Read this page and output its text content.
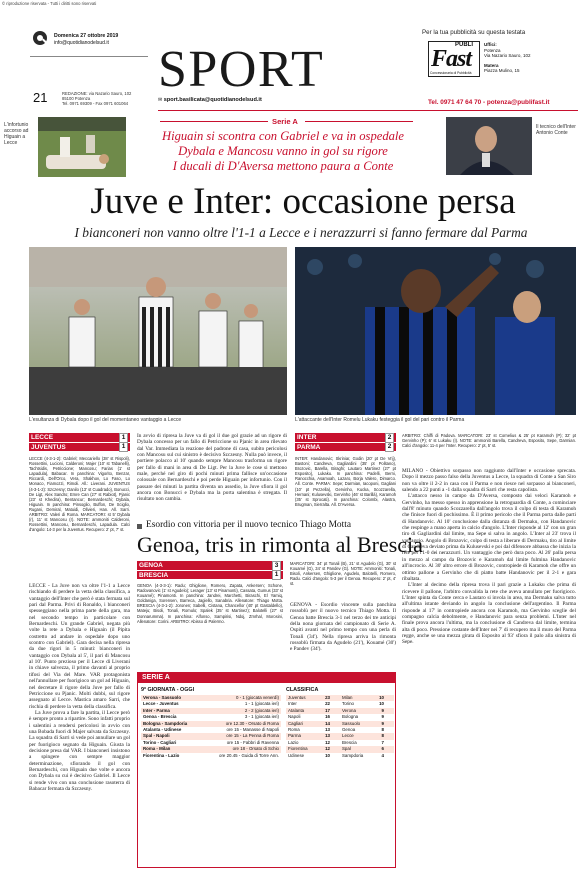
© riproduzione riservata - Tutti i diritti sono riservati
Domenica 27 ottobre 2019
info@quotidianodelsud.it
21	REDAZIONE: via Nazario Sauro, 102
85100 Potenza
Tel. 0971 69309 - Fax 0971 601064
SPORT
✉ sport.basilicata@quotidianodelsud.it
Per la tua pubblicità su questa testata
PUBLI
Fast
Concessionaria di Pubblicità
Uffici:
Potenza
Via Nazario Sauro, 102
Matera
Piazza Mulino, 15
Tel. 0971 47 64 70 - potenza@publifast.it
L'infortunio accorso ad Higuain a Lecce
Serie A
Higuain si scontra con Gabriel e va in ospedale
Dybala e Mancosu vanno in gol su rigore
I ducali di D'Aversa mettono paura a Conte
Il tecnico dell'Inter Antonio Conte
Juve e Inter: occasione persa
I bianconeri non vanno oltre l'1-1 a Lecce e i nerazzurri si fanno fermare dal Parma
L'esultanza di Dybala dopo il gol del momentaneo vantaggio a Lecce	L'attaccante dell'Inter Romelu Lukaku festeggia il gol del pari contro il Parma
LECCE	1
JUVENTUS	1
LECCE (4-3-1-2): Gabriel; Meccariello (38' st Rispoli), Rossettini, Lucioni, Calderoni; Majer (10' st Tabanelli), Tachtsidis, Petriccione; Mancosu; Farias (1' st Lapadula), Babacar. In panchina: Vigorito, Benzar, Riccardi, Dell'Orco, Vera, Shakhov, Lo Faso, Lo Monaco, Fiamozzi, Rimoli. All.: Liverani. JUVENTUS (4-3-1-2): Szczesny; Danilo (13' st Cuadrado), Bonucci, De Ligt, Alex Sandro; Emre Can (27' st Rabiot), Pjanic (23' st Khedira), Bentancur; Bernardeschi; Dybala, Higuain. In panchina: Pinsoglio, Buffon, De Sciglio, Rugani, Demiral, Matuidi, Olivieri, Han. All. Sarri. ARBITRO: Valeri di Roma. MARCATORI: st 5' Dybala (r), 11' st Mancosu (r). NOTE: ammoniti Calderoni, Rossettini, Mancosu, Bernardeschi, Lapadula. Calci d'angolo: 14-3 per la Juventus. Recupero: 2' pt, 7' st.

LECCE - La Juve non va oltre l'1-1 a Lecce rischiando di perdere la vetta della classifica, a vantaggio dell'Inter che però è stata fermata sul pari dal Parma. Privi di Ronaldo, i bianconeri spesseggiano nella prima parte della gara, ma nel secondo tempo in particolare con Bernardeschi. Un grande Gabriel, negata più volte la rete a Dybala e Higuain (il Pipita costretto ad andare in ospedale dopo uno scontro con Gabriel). Gara decisa nella ripresa da due rigori in 5 minuti: bianconeri in vantaggio con Dybala al 5', il pari di Mancosu al 10'. Punto prezioso per il Lecce di Liverani in chiave salvezza, il primo davanti al proprio tifosi del Via del Mare. VAR protagonista nell'annullare per fuorigioco un gol ad Higuain, nel decretare il rigore della Juve per fallo di Petriccione su Pjanic. Molti dubbi, sul rigore assegnato al Lecce. Mastica amaro Sarri, che rischia di perdere la vetta della classifica.

La Juve prova a fare la partita, il Lecce però è sempre pronto a ripartire. Sono infatti proprio i salentini a rendersi pericolosi in avvio con una Bobada fuori di Majer salvata da Szczesny. La squadra di Sarri si vede poi annullare un gol per fuorigioco segnato da Higuain. Giusta la decisione presa dal VAR. I bianconeri insistono a spingere con sempre maggior determinazione, sfiorando il gol con Bernardeschi, con Higuain due volte e ancora con Dybala su cui è decisivo Gabriel. Il Lecce si rende vivo con una conclusione rasoterra di Babacar fermata da Szczesny.

In avvio di ripresa la Juve va di gol il due gol grazie ad un rigore di Dybala concesso per un fallo di Petriccione su Pjanic in area rilevato dal Var. Immediata la reazione del padrone di casa, subito pericolosi con Mancosu sul cui sinistro è decisivo Szczesny. Nulla può invece, il portiere polacco al 10' quando sempre Mancosu trasforma un rigore per fallo di mani in area di De Ligt. Per la Juve le cose si mettono male, perché nel giro di pochi minuti prima fallisce un'occasione colossale con Bernardeschi e poi perde Higuain per infortunio. Con il passare dei minuti la partita diventa un assedio, la Juve sfiora il gol ancora con Bonucci e Dybala ma la porta salentina è stregata. Il risultato non cambia.
INTER	2
PARMA	2
INTER: Handanovic; Skriniar, Godin (20' pt De Vrij), Bastoni; Candreva, Gagliardini (35' pt Politano), Brozovic, Barella, Biraghi; Lautaro Martinez (27' pt Esposito), Lukaku. In panchina: Padelli, Berni, Ranocchia, Asamoah, Lazaro, Borja Valero, Dimarco. All. Conte. PARMA: Sepe; Darmian, Iacoponi, Gagliani (10' pt Pezzella), Gervinho, Kucka, Scozzarella, Hernani; Kulusevski, Gervinho (46' st Barillà), Karamoh (35' st Sprocati). In panchina: Colombi, Alastra, Brugman, Sierralta. All. D'Aversa.
ARBITRO: Chiffi di Padova. MARCATORI: 23' st Cornelius & 25' pt Karamoh (P); 32' pt Gervinho (P); 6' st Lukaku (I). NOTE: ammoniti Barella, Candreva, Esposito, Sepe, Darmian. Calci d'angolo: 11-4 per l'Inter. Recupero: 2' pt, 5' st.

MILANO - Obiettivo sorpasso non raggiunto dall'Inter e occasione sprecata. Dopo il mezzo passo falso della Juventus a Lecce, la squadra di Conte a San Siro non va oltre il 2-2 in casa con il Parma e non riesce nel sorpasso ai bianconeri, salendo a 22 punti a -1 dalla squadra di Sarri che resta capolista.

L'attacco nesso in campo da D'Aversa, composto dai veloci Karamoh e Gervinho, ha messo spesso in apprensione la retroguardia di Conte, a cominciare dall'8' minuto quando Scozzarella dall'angolo trova il colpo di testa di Karamoh che finisce fuori di pochissimo. È il primo pericolo che il Parma porta dalle parti di Handanovic. Al 10' conclusione dalla distanza di Dermaku, con Handanovic che respinge a mano aperta in calcio d'angolo. L'Inter risponde al 12' con un gran tiro di Gagliardini dal limite, ma Sepe si salva in angolo. L'Inter al 23' trova il vantaggio. Angolo di Brozovic, colpo di testa a liberare di Dermaku, tiro al limite di Candreva deviato prima da Kulusevski e poi dal difensore abbassa che inizia la rete per l'1-0 dei nerazzurri. Un vantaggio che però dura poco. Al 26' palla persa in mezzo al campo da Brozovic e Karamoh dal limite fulmina Handanovic all'incrocio. Al 30' altro errore di Brozovic, contropiede di Karamoh che offre un ottimo pallone a Gervinho che di piatto batte Handanovic per il 2-1 e gara ribaltata.

L'Inter al decimo della ripresa trova il pari grazie a Lukaku che prima di ricevere il pallone, l'arbitro convalida la rete che aveva annullato per fuorigioco. L'Inter spinta da Conte cerca e Lautaro si invola in area, ma Dermaku salva tutto all'ultima istante deviando in angolo la conclusione dell'argentino. Il Parma risponde al 17' in contropiede ancora con Karamoh, ma Gervinho sceglie del compagno calcia debolmente, e Handanovic para senza problemi. L'Inter nel finale prova ancora l'ultima, ma la conclusione di Candreva dal limite, termina alta di poco. Pressione costante dell'Inter nei 7' di recupero ma il muro del Parma regge, anche se una mezza girata di Esposito al 93' sfiora il palo alla sinistra di Sepe.

Esordio con vittoria per il nuovo tecnico Thiago Motta
Genoa, tris in rimonta al Brescia
GENOA	3
BRESCIA	1
GENOA (4-3-3-1): Radu; Ghiglione, Romero, Zapata, Ankersen; Schone, Radovanovic (1' st Agudelo); Lerager (13' st Pinamonti), Cassata, Gumus (33' st Kouamé); Pinamonti. In panchina: Jandrei, Marchetti, Biraschi, El Yamiq, Goldaniga, Sorensen, Barreca, Jagiello, Sanabria. Allenatore: Thiago Motta. BRESCIA (4-3-1-2): Joronen; Sabelli, Cistana, Chancellor (40' pt Gastaldello), Mateju; Bisoli, Tonali, Romulo; Spalek (35' st Martinez); Balotelli (27' st Donnarumma). In panchina: Alfonso, Sampirisi, Ndoj, Zmrhal, Morosini, Allenatore: Corini. ARBITRO: Abisso di Palermo.
MARCATORI: 34' pt Tonali (B), 21' st Agudelo (G), 30' st Kouamé (G), 34' st Pandev (G). NOTE: Ammoniti: Tonali, Bisoli, Ankersen, Ghiglione, Agudelo, Balotelli, Romero, Radu. Calci d'angolo: 5-3 per il Genoa. Recupero: 2' pt, 4' st.
GENOVA - Esordio vincente sulla panchina rossoblù per il nuovo tecnico Thiago Motta. Il Genoa batte Brescia 3-1 nel terzo dei tre anticipi della nona giornata del campionato di Serie A. Ospiti avanti nel primo tempo con una perla di Tonali (34'). Nella ripresa arriva la rimonta rossoblù firmata da Agudelo (21'), Kouamé (30') e Pandev (34').
SERIE A
9ª GIORNATA - OGGI
Verona - Sassuolo	0 - 1 (giocata venerdì)
Lecce - Juventus	1 - 1 (giocata ieri)
Inter - Parma	2 - 2 (giocata ieri)
Genoa - Brescia	3 - 1 (giocata ieri)
Bologna - Sampdoria	ore 12.30 - Orsato di Roma
Atalanta - Udinese	ore 15 - Manasse di Napoli
Spal - Napoli	ore 15 - La Penna di Roma
Torino - Cagliari	ore 15 - Fabbri di Ravenna
Roma - Milan	ore 18 - Orsato di Schio
Fiorentina - Lazio	ore 20.45 - Guida di Torre Ann.
CLASSIFICA
Juventus	23
Inter	22
Atalanta	17
Napoli	16
Cagliari	14
Roma	13
Parma	13
Lazio	12
Fiorentina	12
Udinese	10
Milan	10
Torino	10
Verona	9
Bologna	9
Sassuolo	9
Genoa	8
Lecce	8
Brescia	7
Spal	6
Sampdoria	4
